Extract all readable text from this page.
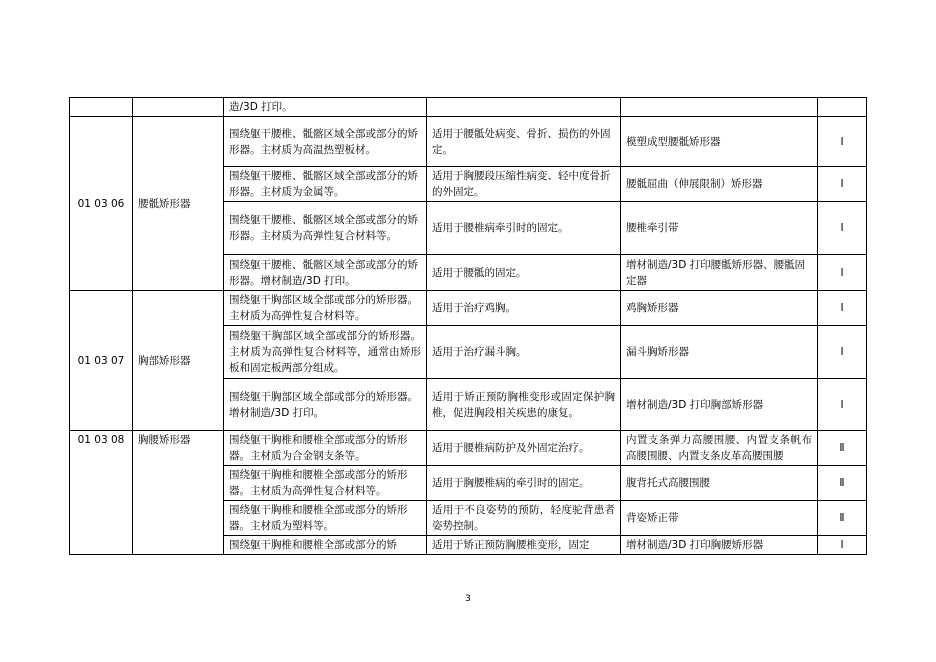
		造/3D 打印。			
01 03 06	腰骶矫形器	围绕躯干腰椎、骶髂区域全部或部分的矫形器。主材质为高温热塑板材。	适用于腰骶处病变、骨折、损伤的外固定。	模塑成型腰骶矫形器	Ⅰ
		围绕躯干腰椎、骶髂区域全部或部分的矫形器。主材质为金属等。	适用于胸腰段压缩性病变、轻中度骨折的外固定。	腰骶屈曲（伸展限制）矫形器	Ⅰ
		围绕躯干腰椎、骶髂区域全部或部分的矫形器。主材质为高弹性复合材料等。	适用于腰椎病牵引时的固定。	腰椎牵引带	Ⅰ
		围绕躯干腰椎、骶髂区域全部或部分的矫形器。增材制造/3D 打印。	适用于腰骶的固定。	增材制造/3D 打印腰骶矫形器、腰骶固定器	Ⅰ
01 03 07	胸部矫形器	围绕躯干胸部区域全部或部分的矫形器。主材质为高弹性复合材料等。	适用于治疗鸡胸。	鸡胸矫形器	Ⅰ
		围绕躯干胸部区域全部或部分的矫形器。主材质为高弹性复合材料等，通常由矫形板和固定板两部分组成。	适用于治疗漏斗胸。	漏斗胸矫形器	Ⅰ
		围绕躯干胸部区域全部或部分的矫形器。增材制造/3D 打印。	适用于矫正预防胸椎变形或固定保护胸椎，促进胸段相关疾患的康复。	增材制造/3D 打印胸部矫形器	Ⅰ
01 03 08	胸腰矫形器	围绕躯干胸椎和腰椎全部或部分的矫形器。主材质为合金钢支条等。	适用于腰椎病防护及外固定治疗。	内置支条弹力高腰围腰、内置支条帆布高腰围腰、内置支条皮革高腰围腰	Ⅱ
		围绕躯干胸椎和腰椎全部或部分的矫形器。主材质为高弹性复合材料等。	适用于胸腰椎病的牵引时的固定。	腹背托式高腰围腰	Ⅱ
		围绕躯干胸椎和腰椎全部或部分的矫形器。主材质为塑料等。	适用于不良姿势的预防，轻度驼背患者姿势控制。	背姿矫正带	Ⅱ
		围绕躯干胸椎和腰椎全部或部分的矫	适用于矫正预防胸腰椎变形，固定	增材制造/3D 打印胸腰矫形器	Ⅰ
3
